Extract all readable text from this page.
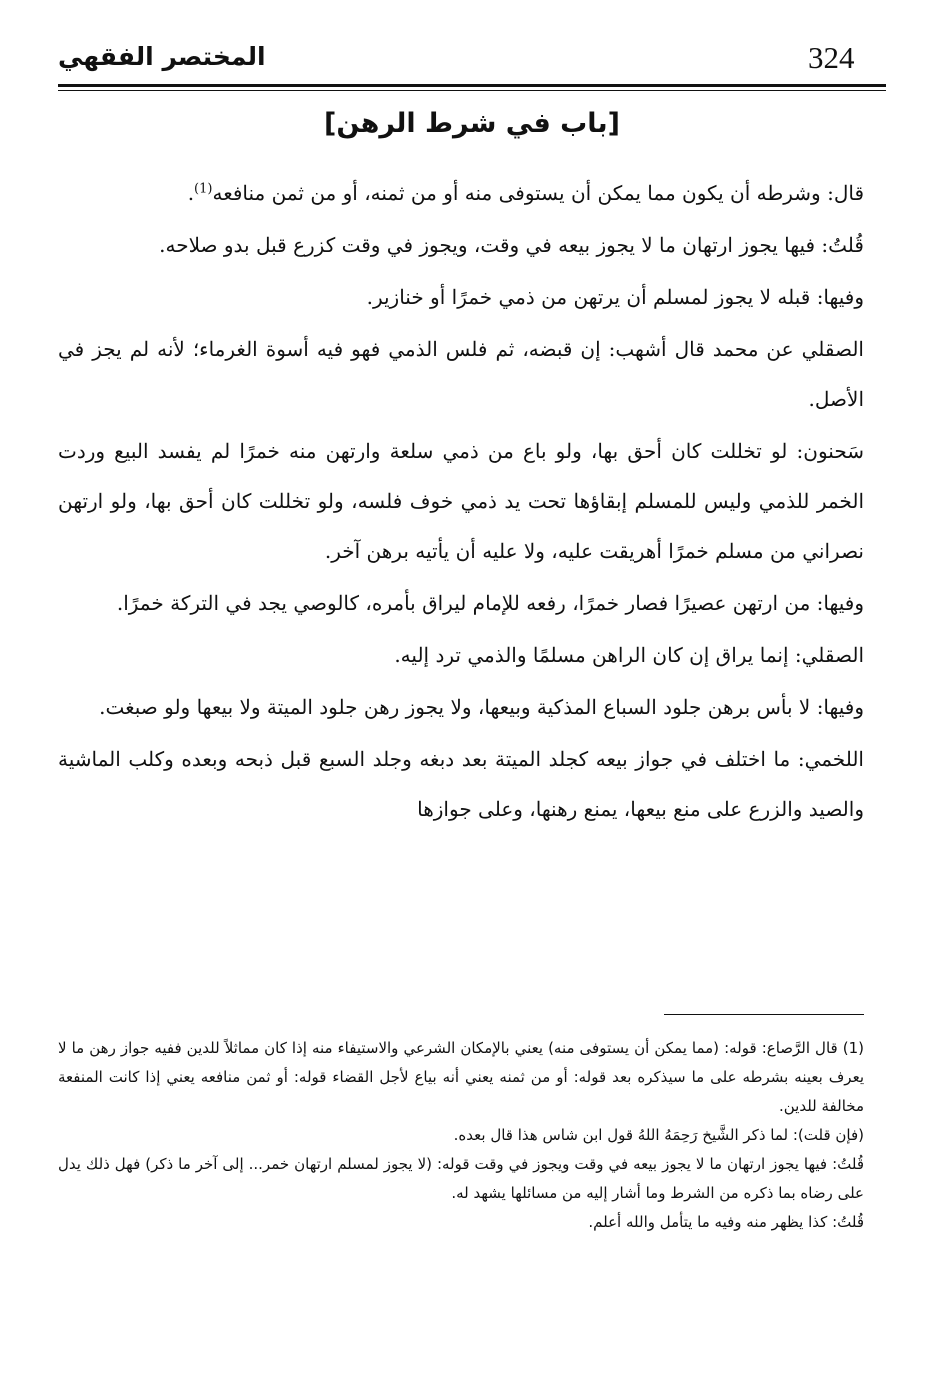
324
المختصر الفقهي
[باب في شرط الرهن]

قال: وشرطه أن يكون مما يمكن أن يستوفى منه أو من ثمنه، أو من ثمن منافعه$^{(1)}$.

قُلتُ: فيها يجوز ارتهان ما لا يجوز بيعه في وقت، ويجوز في وقت كزرع قبل بدو صلاحه.

وفيها: قبله لا يجوز لمسلم أن يرتهن من ذمي خمرًا أو خنازير.

الصقلي عن محمد قال أشهب: إن قبضه، ثم فلس الذمي فهو فيه أسوة الغرماء؛ لأنه لم يجز في الأصل.

سَحنون: لو تخللت كان أحق بها، ولو باع من ذمي سلعة وارتهن منه خمرًا لم يفسد البيع وردت الخمر للذمي وليس للمسلم إبقاؤها تحت يد ذمي خوف فلسه، ولو تخللت كان أحق بها، ولو ارتهن نصراني من مسلم خمرًا أهريقت عليه، ولا عليه أن يأتيه برهن آخر.

وفيها: من ارتهن عصيرًا فصار خمرًا، رفعه للإمام ليراق بأمره، كالوصي يجد في التركة خمرًا.

الصقلي: إنما يراق إن كان الراهن مسلمًا والذمي ترد إليه.

وفيها: لا بأس برهن جلود السباع المذكية وبيعها، ولا يجوز رهن جلود الميتة ولا بيعها ولو صبغت.

اللخمي: ما اختلف في جواز بيعه كجلد الميتة بعد دبغه وجلد السبع قبل ذبحه وبعده وكلب الماشية والصيد والزرع على منع بيعها، يمنع رهنها، وعلى جوازها

(1) قال الرَّصاع: قوله: (مما يمكن أن يستوفى منه) يعني بالإمكان الشرعي والاستيفاء منه إذا كان مماثلاً للدين ففيه جواز رهن ما لا يعرف بعينه بشرطه على ما سيذكره بعد قوله: أو من ثمنه يعني أنه بياع لأجل القضاء قوله: أو ثمن منافعه يعني إذا كانت المنفعة مخالفة للدين.

(فإن قلت): لما ذكر الشَّيخ رَحِمَهُ اللهُ قول ابن شاس هذا قال بعده.

قُلتُ: فيها يجوز ارتهان ما لا يجوز بيعه في وقت ويجوز في وقت قوله: (لا يجوز لمسلم ارتهان خمر... إلى آخر ما ذكر) فهل ذلك يدل على رضاه بما ذكره من الشرط وما أشار إليه من مسائلها يشهد له.

قُلتُ: كذا يظهر منه وفيه ما يتأمل والله أعلم.
